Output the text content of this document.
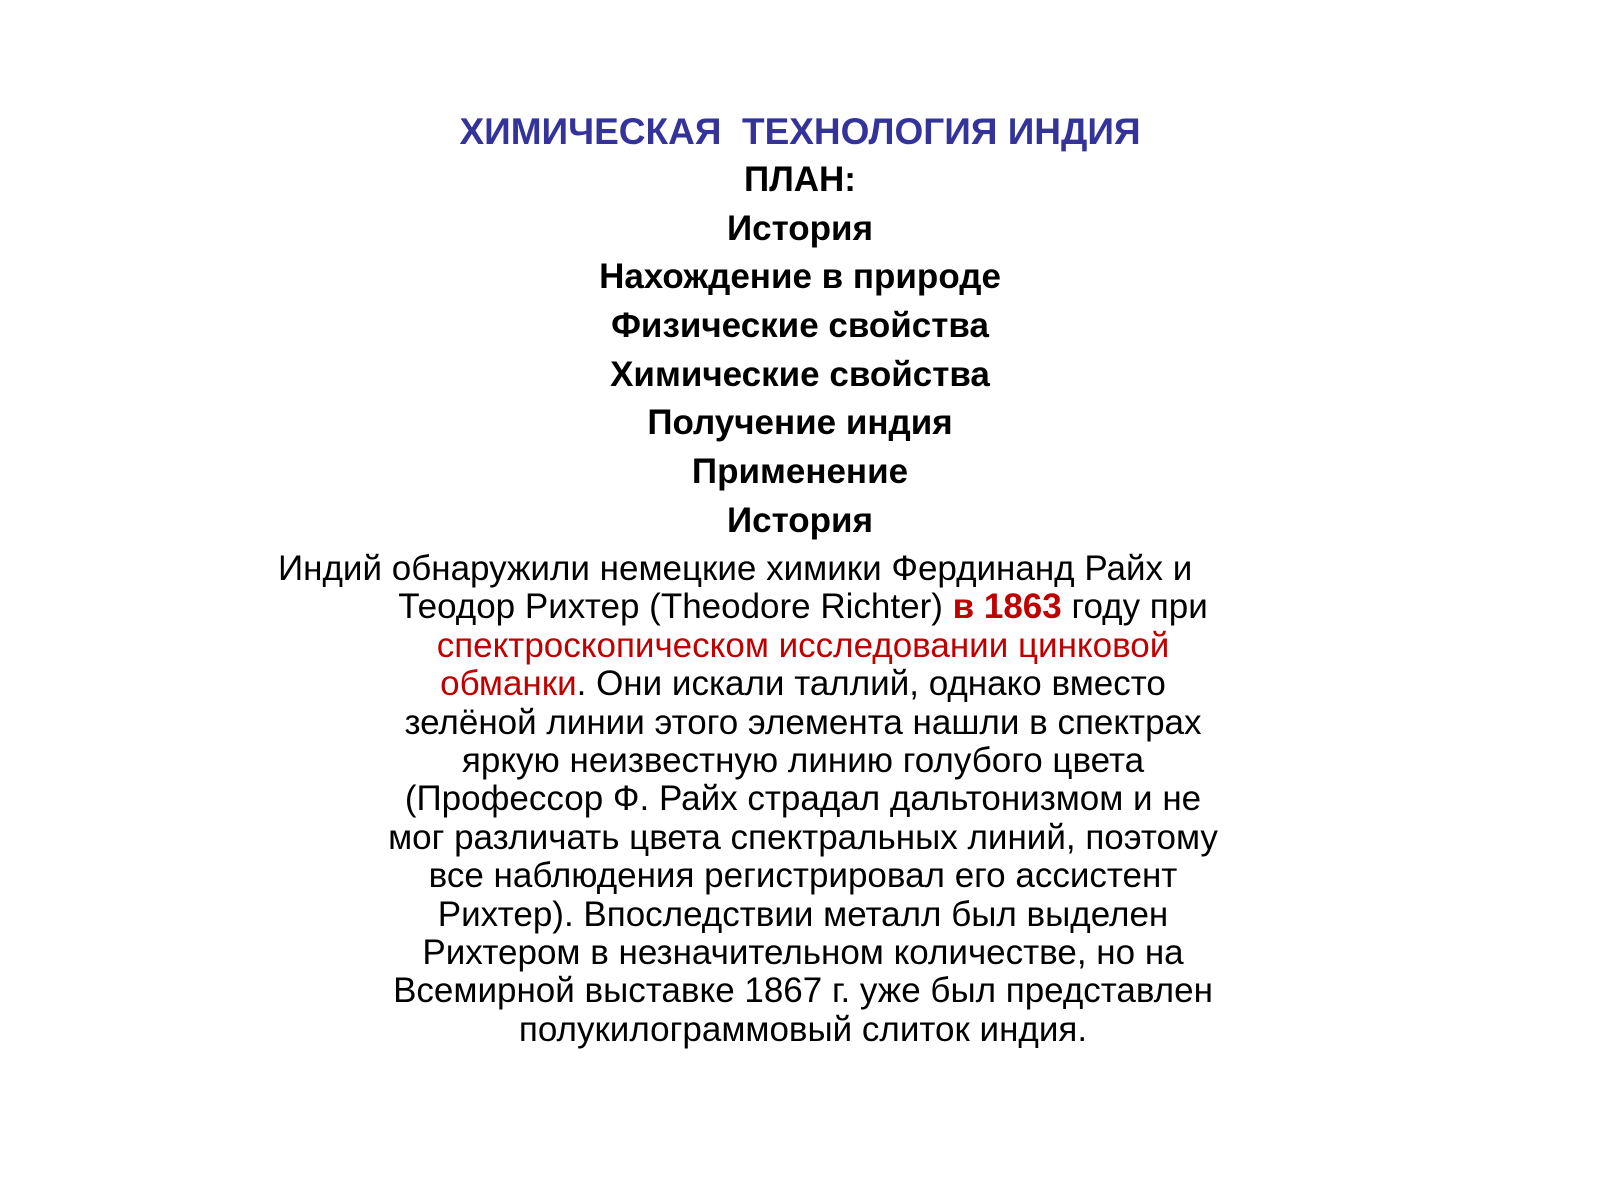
ХИМИЧЕСКАЯ  ТЕХНОЛОГИЯ ИНДИЯ
ПЛАН:
История
Нахождение в природе
Физические свойства
Химические свойства
Получение индия
Применение
История

Индий обнаружили немецкие химики Фердинанд Райх и
Теодор Рихтер (Theodore Richter) в 1863 году при
спектроскопическом исследовании цинковой
обманки. Они искали таллий, однако вместо
зелёной линии этого элемента нашли в спектрах
яркую неизвестную линию голубого цвета
(Профессор Ф. Райх страдал дальтонизмом и не
мог различать цвета спектральных линий, поэтому
все наблюдения регистрировал его ассистент
Рихтер). Впоследствии металл был выделен
Рихтером в незначительном количестве, но на
Всемирной выставке 1867 г. уже был представлен
полукилограммовый слиток индия.
